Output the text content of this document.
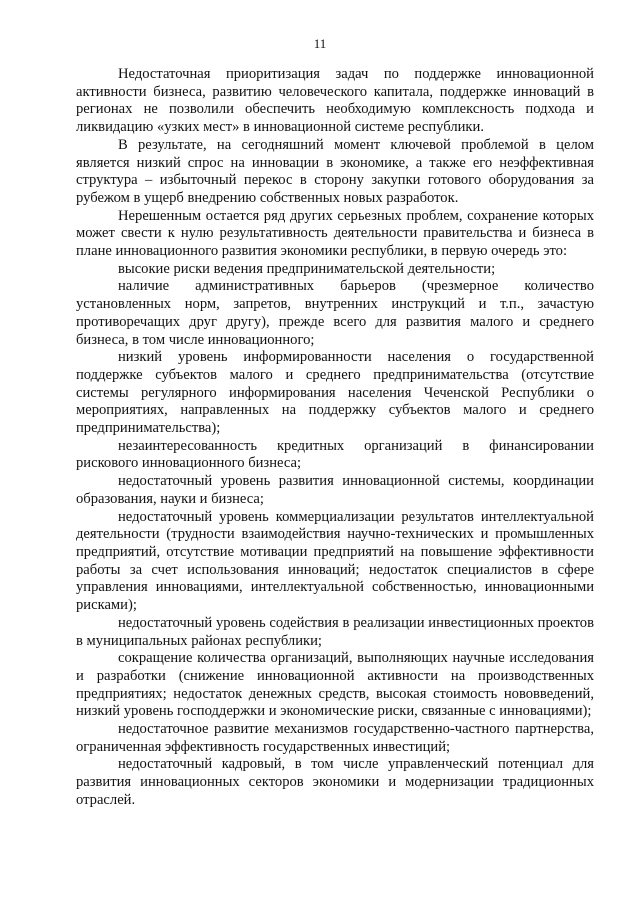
11

Недостаточная приоритизация задач по поддержке инновационной активности бизнеса, развитию человеческого капитала, поддержке инноваций в регионах не позволили обеспечить необходимую комплексность подхода и ликвидацию «узких мест» в инновационной системе республики.

В результате, на сегодняшний момент ключевой проблемой в целом является низкий спрос на инновации в экономике, а также его неэффективная структура – избыточный перекос в сторону закупки готового оборудования за рубежом в ущерб внедрению собственных новых разработок.

Нерешенным остается ряд других серьезных проблем, сохранение которых может свести к нулю результативность деятельности правительства и бизнеса в плане инновационного развития экономики республики, в первую очередь это:

высокие риски ведения предпринимательской деятельности;

наличие административных барьеров (чрезмерное количество установленных норм, запретов, внутренних инструкций и т.п., зачастую противоречащих друг другу), прежде всего для развития малого и среднего бизнеса, в том числе инновационного;

низкий уровень информированности населения о государственной поддержке субъектов малого и среднего предпринимательства (отсутствие системы регулярного информирования населения Чеченской Республики о мероприятиях, направленных на поддержку субъектов малого и среднего предпринимательства);

незаинтересованность кредитных организаций в финансировании рискового инновационного бизнеса;

недостаточный уровень развития инновационной системы, координации образования, науки и бизнеса;

недостаточный уровень коммерциализации результатов интеллектуальной деятельности (трудности взаимодействия научно-технических и промышленных предприятий, отсутствие мотивации предприятий на повышение эффективности работы за счет использования инноваций; недостаток специалистов в сфере управления инновациями, интеллектуальной собственностью, инновационными рисками);

недостаточный уровень содействия в реализации инвестиционных проектов в муниципальных районах республики;

сокращение количества организаций, выполняющих научные исследования и разработки (снижение инновационной активности на производственных предприятиях; недостаток денежных средств, высокая стоимость нововведений, низкий уровень господдержки и экономические риски, связанные с инновациями);

недостаточное развитие механизмов государственно-частного партнерства, ограниченная эффективность государственных инвестиций;

недостаточный кадровый, в том числе управленческий потенциал для развития инновационных секторов экономики и модернизации традиционных отраслей.
